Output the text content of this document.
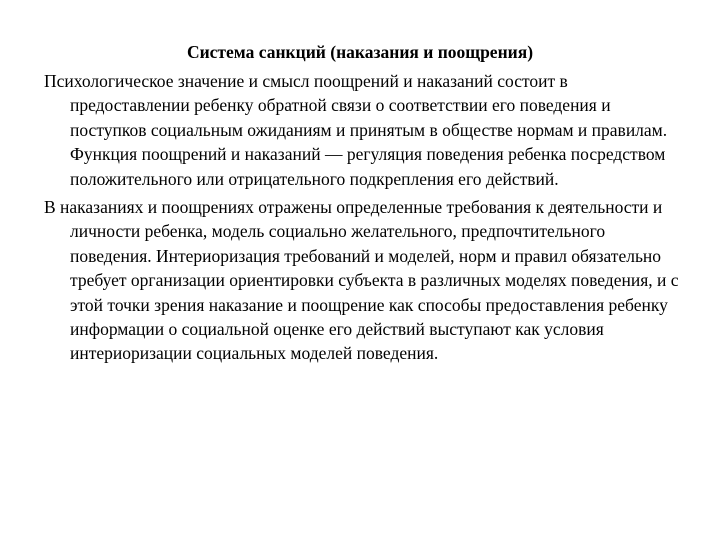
Система санкций (наказания и поощрения)

Психологическое значение и смысл поощрений и наказаний состоит в предоставлении ребенку обратной связи о соответствии его поведения и поступков социальным ожиданиям и принятым в обществе нормам и правилам. Функция поощрений и наказаний — регуляция поведения ребенка посредством положительного или отрицательного подкрепления его действий.

В наказаниях и поощрениях отражены определенные требования к деятельности и личности ребенка, модель социально желательного, предпочтительного поведения. Интериоризация требований и моделей, норм и правил обязательно требует организации ориентировки субъекта в различных моделях поведения, и с этой точки зрения наказание и поощрение как способы предоставления ребенку информации о социальной оценке его действий выступают как условия интериоризации социальных моделей поведения.
